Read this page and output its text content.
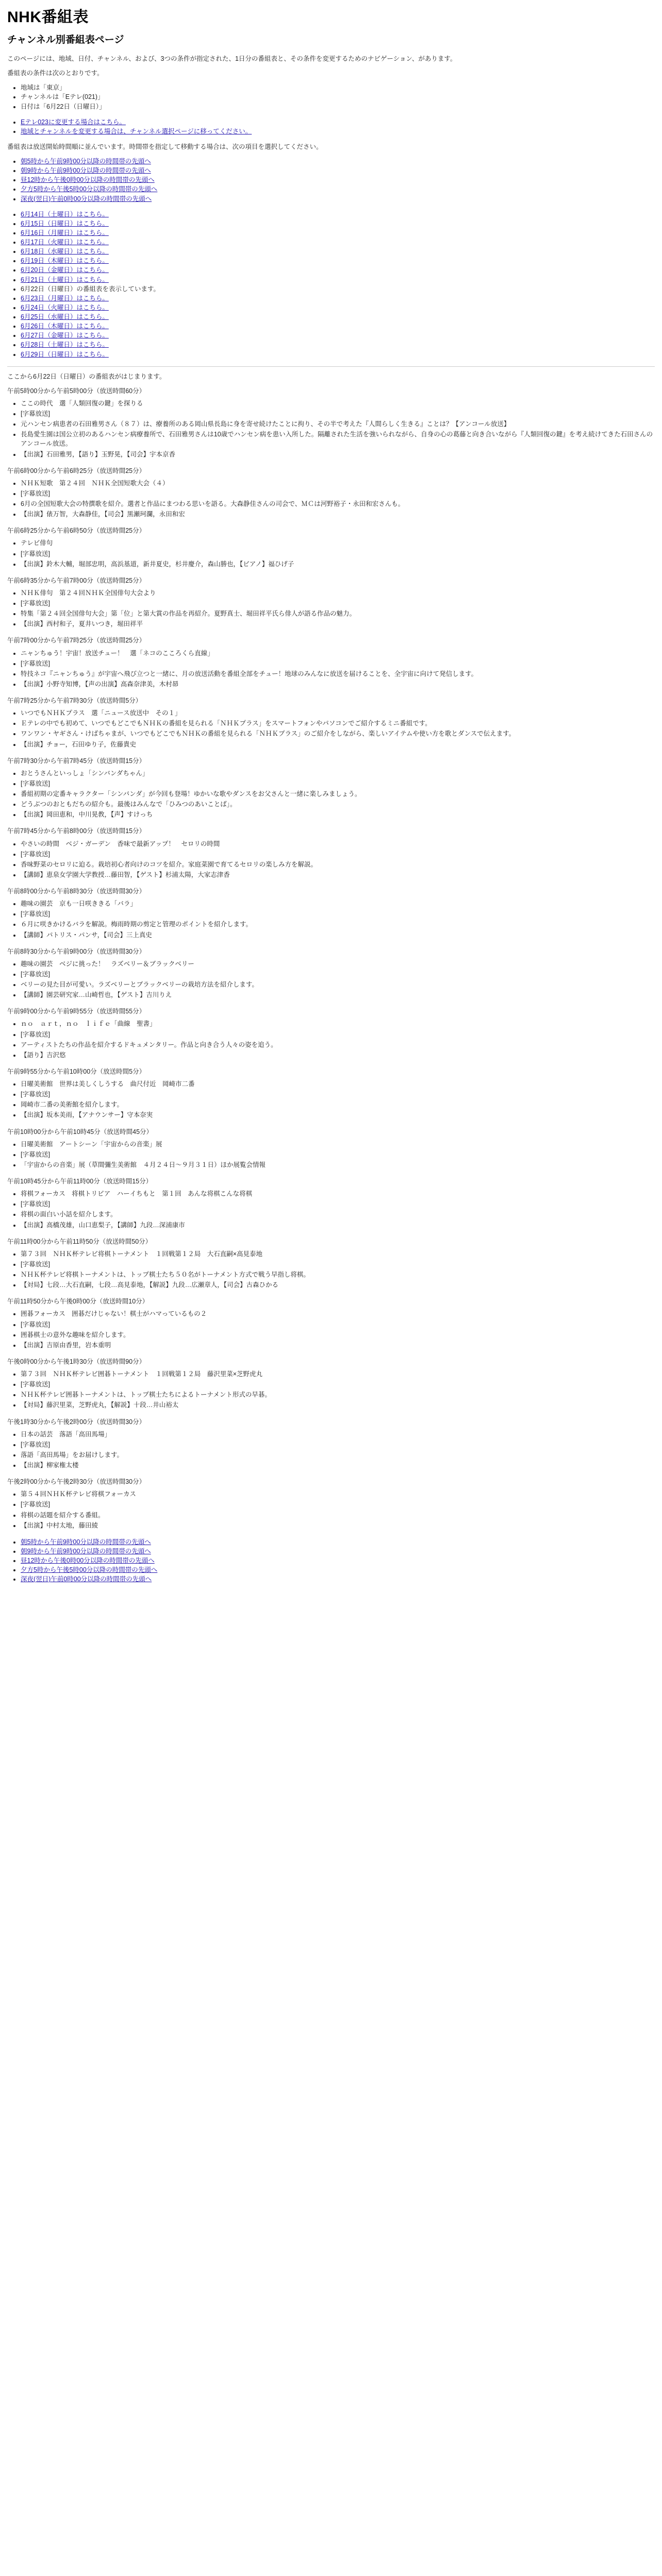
NHK番組表
チャンネル別番組表ページ

このページには、地域、日付、チャンネル、および、3つの条件が指定された、1日分の番組表と、その条件を変更するためのナビゲーション、があります。

番組表の条件は次のとおりです。

• 地域は「東京」
• チャンネルは「Eテレ(021)」
• 日付は「6月22日（日曜日）」
• Eテレ023に変更する場合はこちら。
• 地域とチャンネルを変更する場合は、チャンネル選択ページに移ってください。

番組表は放送開始時間順に並んでいます。時間帯を指定して移動する場合は、次の項目を選択してください。

• 朝5時から午前9時00分以降の時間帯の先頭へ
• 朝9時から午前9時00分以降の時間帯の先頭へ
• 昼12時から午後0時00分以降の時間帯の先頭へ
• 夕方5時から午後5時00分以降の時間帯の先頭へ
• 深夜(翌日)午前0時00分以降の時間帯の先頭へ
• 6月14日（土曜日）はこちら。
• 6月15日（日曜日）はこちら。
• 6月16日（月曜日）はこちら。
• 6月17日（火曜日）はこちら。
• 6月18日（水曜日）はこちら。
• 6月19日（木曜日）はこちら。
• 6月20日（金曜日）はこちら。
• 6月21日（土曜日）はこちら。
• 6月22日（日曜日）の番組表を表示しています。
• 6月23日（月曜日）はこちら。
• 6月24日（火曜日）はこちら。
• 6月25日（水曜日）はこちら。
• 6月26日（木曜日）はこちら。
• 6月27日（金曜日）はこちら。
• 6月28日（土曜日）はこちら。
• 6月29日（日曜日）はこちら。

ここから6月22日（日曜日）の番組表がはじまります。

午前5時00分から午前5時00分（放送時間60分）

• ここの時代　選「人類回復の鍵」を探りる
• [字幕放送]
• 元ハンセン病患者の石田雅男さん（８７）は、療養所のある岡山県長島に身を寄せ続けたことに拘り、その半で考えた『人間らしく生きる』ことは？【アンコール放送】
• 長島愛生園は国公立初のあるハンセン病療養所で、石田雅男さんは10歳でハンセン病を患い入所した。隔離された生活を強いられながら、自身の心の葛藤と向き合いながら『人類回復の鍵』を考え続けてきた石田さんのアンコール放送。
• 【出演】石田雅男，【語り】玉野晃，【司会】宇本京香

午前6時00分から午前6時25分（放送時間25分）

• ＮＨＫ短歌　第２４回　ＮＨＫ全国短歌大会（４）
• [字幕放送]
• 6月の全国短歌大会の特撰歌を紹介。選者と作品にまつわる思いを語る。大森静佳さんの司会で、ＭＣは河野裕子・永田和宏さんも。
• 【出演】俵万智，大森静佳，【司会】黒瀬珂瀾，永田和宏

午前6時25分から午前6時50分（放送時間25分）

• テレビ俳句
• [字幕放送]
• 【出演】鈴木大輔，堀部忠明，高浜基道，新井夏史，杉井慶介，森山勝也，【ビアノ】福ひげ子

午前6時35分から午前7時00分（放送時間25分）

• ＮＨＫ俳句　第２４回ＮＨＫ全国俳句大会より
• [字幕放送]
• 特集「第２４回全国俳句大会」第「位」と第大賞の作品を再紹介。夏野真士、堀田祥平氏ら俳人が語る作品の魅力。
• 【出演】西村和子，夏井いつき，堀田祥平

午前7時00分から午前7時25分（放送時間25分）

• ニャンちゅう！宇宙！放送チュー！　選「ネコのこころくら直線」
• [字幕放送]
• 特技ネコ『ニャンちゅう』が宇宙へ飛び立つと一緒に、月の放送活動を番組全部をチュー！地球のみんなに放送を届けることを、全宇宙に向けて発信します。
• 【出演】小野寺知博，【声の出演】高森奈津美，木村昴

午前7時25分から午前7時30分（放送時間5分）

• いつでもＮＨＫプラス　選「ニュース放送中　その１」
• Ｅテレの中でも初めて、いつでもどこでもＮＨＫの番組を見られる「ＮＨＫプラス」をスマートフォンやパソコンでご紹介するミニ番組です。
• ワンワン・ヤギさん・けばちゃまが、いつでもどこでもＮＨＫの番組を見られる「ＮＨＫプラス」のご紹介をしながら、楽しいアイテムや使い方を歌とダンスで伝えます。
• 【出演】チョー，石田ゆり子，佐藤貴史

午前7時30分から午前7時45分（放送時間15分）

• おとうさんといっしょ「シンバンダちゃん」
• [字幕放送]
• 番組初期の定番キャラクター「シンバンダ」が今回も登場！ゆかいな歌やダンスをお父さんと一緒に楽しみましょう。
• どうぶつのおともだちの紹介も。最後はみんなで「ひみつのあいことば」。
• 【出演】岡田恵和，中川晃教，【声】すけっち

午前7時45分から午前8時00分（放送時間15分）

• やさいの時間　ベジ・ガーデン　香味で最新アップ！　セロリの時間
• [字幕放送]
• 香味野菜のセロリに迫る。栽培初心者向けのコツを紹介。家庭菜園で育てるセロリの楽しみ方を解説。
• 【講師】恵泉女学園大学教授…藤田智，【ゲスト】杉浦太陽，大家志津香

午前8時00分から午前8時30分（放送時間30分）

• 趣味の園芸　京も一日咲ききる「バラ」
• [字幕放送]
• ６月に咲きかけるバラを解説。梅雨時期の剪定と管理のポイントを紹介します。
• 【講師】パトリス・パンサ，【司会】三上真史

午前8時30分から午前9時00分（放送時間30分）

• 趣味の園芸　ベジに挑った！　ラズベリー＆ブラックベリー
• [字幕放送]
• ベリーの見た目が可愛い。ラズベリーとブラックベリーの栽培方法を紹介します。
• 【講師】園芸研究家…山崎哲也，【ゲスト】吉川りえ

午前9時00分から午前9時55分（放送時間55分）

• ｎｏ　ａｒｔ，ｎｏ　ｌｉｆｅ「曲線　聖書」
• [字幕放送]
• アーティストたちの作品を紹介するドキュメンタリー。作品と向き合う人々の姿を追う。
• 【語り】吉沢悠

午前9時55分から午前10時00分（放送時間5分）

• 日曜美術館　世界は美しくしうする　曲尺付近　岡崎市二番
• [字幕放送]
• 岡崎市二番の美術館を紹介します。
• 【出演】坂本美雨，【アナウンサー】守本奈実

午前10時00分から午前10時45分（放送時間45分）

• 日曜美術館　アートシーン「宇宙からの音楽」展
• [字幕放送]
• 「宇宙からの音楽」展（草間彌生美術館　４月２４日〜９月３１日）ほか展覧会情報

午前10時45分から午前11時00分（放送時間15分）

• 将棋フォーカス　将棋トリビア　ハーイちもと　第１回　あんな将棋こんな将棋
• [字幕放送]
• 将棋の面白い小話を紹介します。
• 【出演】高橋茂雄，山口恵梨子，【講師】九段…深浦康市

午前11時00分から午前11時50分（放送時間50分）

• 第７３回　ＮＨＫ杯テレビ将棋トーナメント　１回戦第１２局　大石直嗣×高見泰地
• [字幕放送]
• ＮＨＫ杯テレビ将棋トーナメントは、トップ棋士たち５０名がトーナメント方式で戦う早指し将棋。
• 【対局】七段…大石直嗣，七段…高見泰地，【解説】九段…広瀬章人，【司会】古森ひかる

午前11時50分から午後0時00分（放送時間10分）

• 囲碁フォーカス　囲碁だけじゃない！棋士がハマっているもの２
• [字幕放送]
• 囲碁棋士の意外な趣味を紹介します。
• 【出演】吉原由香里，岩本重明

午後0時00分から午後1時30分（放送時間90分）

• 第７３回　ＮＨＫ杯テレビ囲碁トーナメント　１回戦第１２局　藤沢里菜×芝野虎丸
• [字幕放送]
• ＮＨＫ杯テレビ囲碁トーナメントは、トップ棋士たちによるトーナメント形式の早碁。
• 【対局】藤沢里菜，芝野虎丸，【解説】十段…井山裕太

午後1時30分から午後2時00分（放送時間30分）

• 日本の話芸　落語「高田馬場」
• [字幕放送]
• 落語「高田馬場」をお届けします。
• 【出演】柳家権太楼

午後2時00分から午後2時30分（放送時間30分）

• 第５４回ＮＨＫ杯テレビ将棋フォーカス
• [字幕放送]
• 将棋の話題を紹介する番組。
• 【出演】中村太地，藤田綾
• 朝5時から午前9時00分以降の時間帯の先頭へ
• 朝9時から午前9時00分以降の時間帯の先頭へ
• 昼12時から午後0時00分以降の時間帯の先頭へ
• 夕方5時から午後5時00分以降の時間帯の先頭へ
• 深夜(翌日)午前0時00分以降の時間帯の先頭へ
